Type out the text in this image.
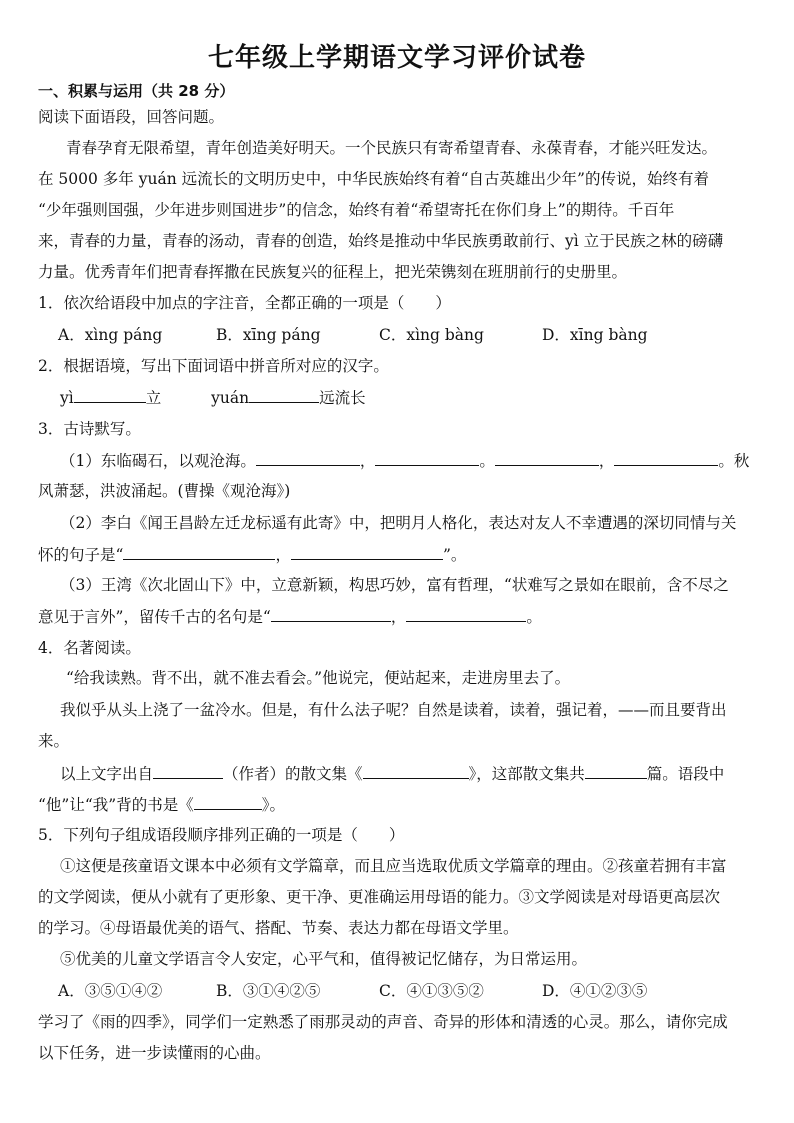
七年级上学期语文学习评价试卷
一、积累与运用（共 28 分）
阅读下面语段，回答问题。
青春孕育无限希望，青年创造美好明天。一个民族只有寄希望青春、永葆青春，才能兴旺发达。
在 5000 多年 yuán 远流长的文明历史中，中华民族始终有着“自古英雄出少年”的传说，始终有着
“少年强则国强，少年进步则国进步”的信念，始终有着“希望寄托在你们身上”的期待。千百年
来，青春的力量，青春的汤动，青春的创造，始终是推动中华民族勇敢前行、yì 立于民族之林的磅礴
力量。优秀青年们把青春挥撒在民族复兴的征程上，把光荣镌刻在班朋前行的史册里。
1．依次给语段中加点的字注音，全都正确的一项是（　　）
A．xìng páng	B．xīng páng	C．xìng bàng	D．xīng bàng
2．根据语境，写出下面词语中拼音所对应的汉字。
yì	立	yuán	远流长
3．古诗默写。
（1）东临碣石，以观沧海。	，	。	，	。秋
风萧瑟，洪波涌起。(曹操《观沧海》)
（2）李白《闻王昌龄左迁龙标遥有此寄》中，把明月人格化，表达对友人不幸遭遇的深切同情与关
怀的句子是“	，	”。
（3）王湾《次北固山下》中，立意新颖，构思巧妙，富有哲理，“状难写之景如在眼前，含不尽之
意见于言外”，留传千古的名句是“	，	。
4．名著阅读。
“给我读熟。背不出，就不准去看会。”他说完，便站起来，走进房里去了。
我似乎从头上浇了一盆冷水。但是，有什么法子呢？自然是读着，读着，强记着，——而且要背出
来。
以上文字出自	（作者）的散文集《	》，这部散文集共	篇。语段中
“他”让“我”背的书是《	》。
5．下列句子组成语段顺序排列正确的一项是（　　）
①这便是孩童语文课本中必须有文学篇章，而且应当选取优质文学篇章的理由。②孩童若拥有丰富
的文学阅读，便从小就有了更形象、更干净、更准确运用母语的能力。③文学阅读是对母语更高层次
的学习。④母语最优美的语气、搭配、节奏、表达力都在母语文学里。
⑤优美的儿童文学语言令人安定，心平气和，值得被记忆储存，为日常运用。
A．③⑤①④②	B．③①④②⑤	C．④①③⑤②	D．④①②③⑤
学习了《雨的四季》，同学们一定熟悉了雨那灵动的声音、奇异的形体和清透的心灵。那么，请你完成
以下任务，进一步读懂雨的心曲。
